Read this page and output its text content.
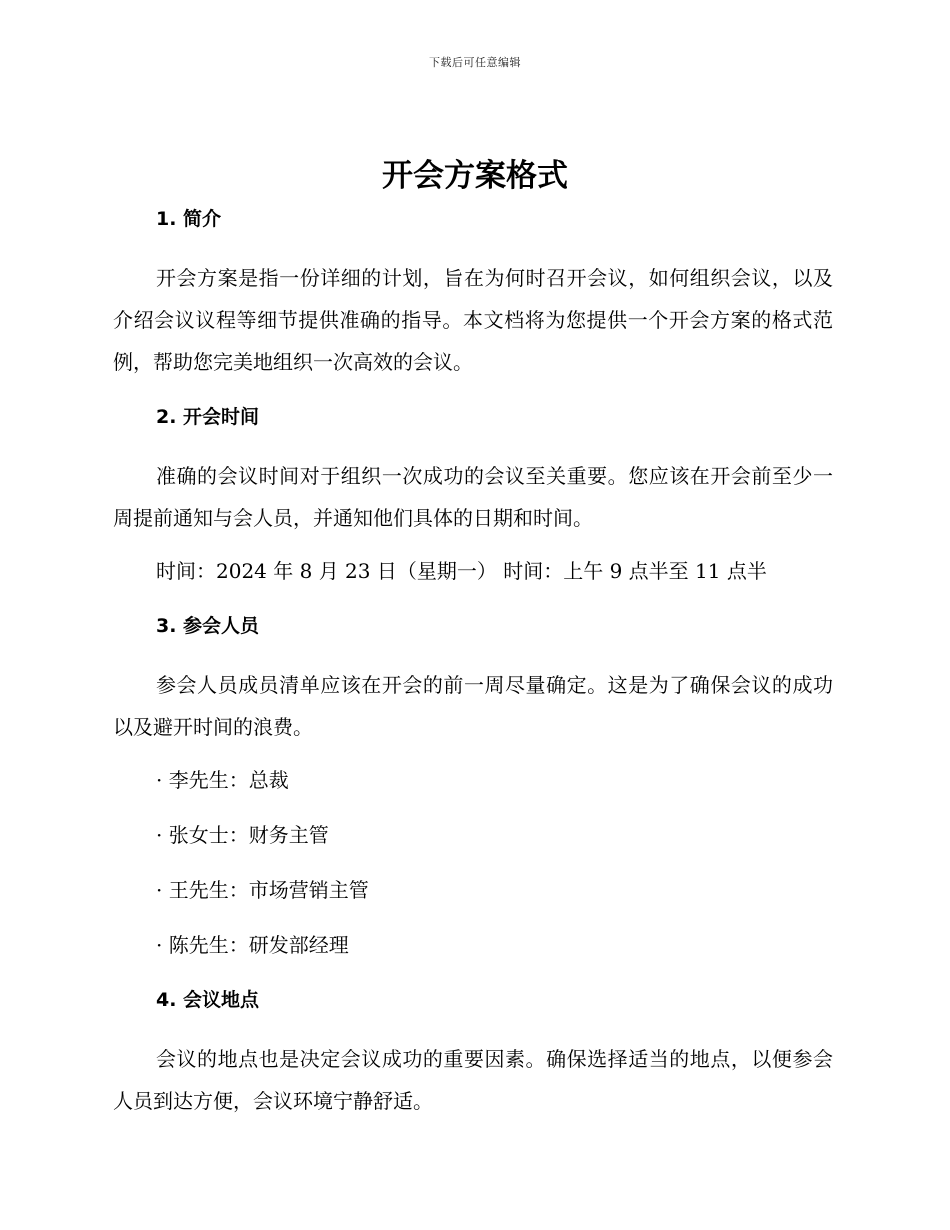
下载后可任意编辑
开会方案格式
1. 简介

开会方案是指一份详细的计划，旨在为何时召开会议，如何组织会议，以及介绍会议议程等细节提供准确的指导。本文档将为您提供一个开会方案的格式范例，帮助您完美地组织一次高效的会议。

2. 开会时间

准确的会议时间对于组织一次成功的会议至关重要。您应该在开会前至少一周提前通知与会人员，并通知他们具体的日期和时间。

时间：2024 年 8 月 23 日（星期一） 时间：上午 9 点半至 11 点半
3. 参会人员

参会人员成员清单应该在开会的前一周尽量确定。这是为了确保会议的成功以及避开时间的浪费。

· 李先生：总裁
· 张女士：财务主管
· 王先生：市场营销主管
· 陈先生：研发部经理
4. 会议地点

会议的地点也是决定会议成功的重要因素。确保选择适当的地点，以便参会人员到达方便，会议环境宁静舒适。
